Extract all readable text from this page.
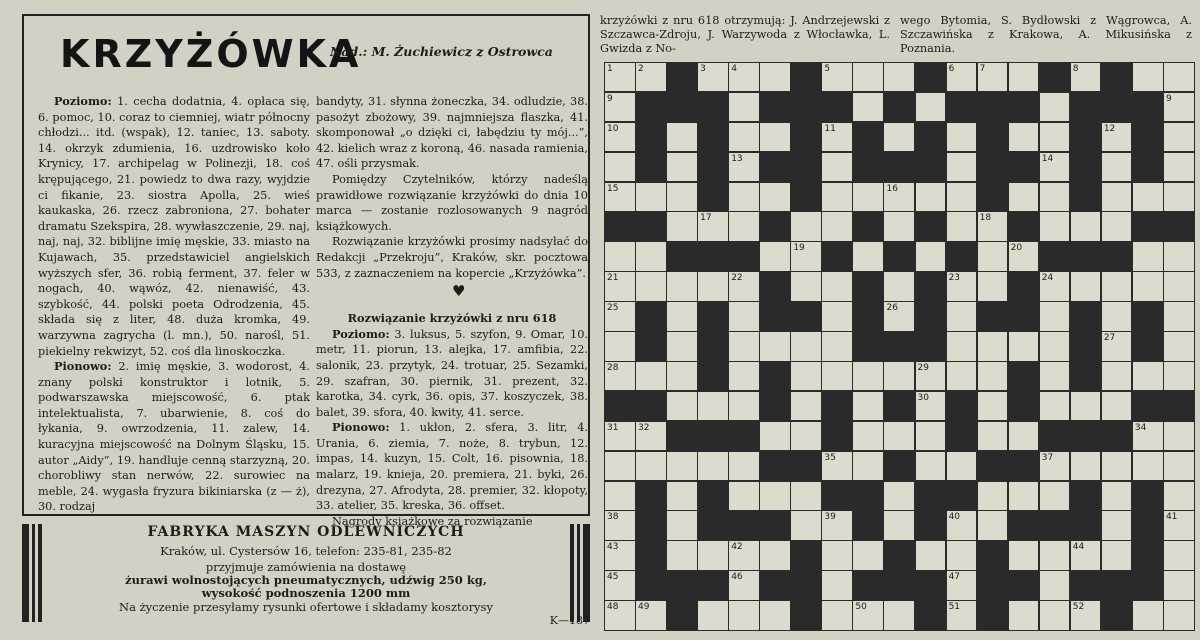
KRZYŻÓWKA
Nad.: M. Żuchiewicz z Ostrowca

Poziomo: 1. cecha dodatnia, 4. opłaca się, 6. pomoc, 10. coraz to ciemniej, wiatr północny chłodzi... itd. (wspak), 12. taniec, 13. saboty. 14. okrzyk zdumienia, 16. uzdrowisko koło Krynicy, 17. archipelag w Polinezji, 18. coś krępującego, 21. powiedz to dwa razy, wyjdzie ci fikanie, 23. siostra Apolla, 25. wieś kaukaska, 26. rzecz zabroniona, 27. bohater dramatu Szekspira, 28. wywłaszczenie, 29. naj, naj, naj, 32. biblijne imię męskie, 33. miasto na Kujawach, 35. przedstawiciel angielskich wyższych sfer, 36. robią ferment, 37. feler w nogach, 40. wąwóz, 42. nienawiść, 43. szybkość, 44. polski poeta Odrodzenia, 45. składa się z liter, 48. duża kromka, 49. warzywna zagrycha (l. mn.), 50. narośl, 51. piekielny rekwizyt, 52. coś dla linoskoczka.

Pionowo: 2. imię męskie, 3. wodorost, 4. znany polski konstruktor i lotnik, 5. podwarszawska miejscowość, 6. ptak intelektualista, 7. ubarwienie, 8. coś do łykania, 9. owrzodzenia, 11. zalew, 14. kuracyjna miejscowość na Dolnym Śląsku, 15. autor „Aidy”, 19. handluje cenną starzyzną, 20. chorobliwy stan nerwów, 22. surowiec na meble, 24. wygasła fryzura bikiniarska (z — ż), 30. rodzaj

bandyty, 31. słynna żoneczka, 34. odludzie, 38. pasożyt zbożowy, 39. najmniejsza flaszka, 41. skomponował „o dzięki ci, łabędziu ty mój...”, 42. kielich wraz z koroną, 46. nasada ramienia, 47. ośli przysmak.

Pomiędzy Czytelników, którzy nadeślą prawidłowe rozwiązanie krzyżówki do dnia 10 marca — zostanie rozlosowanych 9 nagród książkowych.

Rozwiązanie krzyżówki prosimy nadsyłać do Redakcji „Przekroju”, Kraków, skr. pocztowa 533, z zaznaczeniem na kopercie „Krzyżówka”.

Rozwiązanie krzyżówki z nru 618

Poziomo: 3. luksus, 5. szyfon, 9. Omar, 10. metr, 11. piorun, 13. alejka, 17. amfibia, 22. salonik, 23. przytyk, 24. trotuar, 25. Sezamki, 29. szafran, 30. piernik, 31. prezent, 32. karotka, 34. cyrk, 36. opis, 37. koszyczek, 38. balet, 39. sfora, 40. kwity, 41. serce.

Pionowo: 1. ukłon, 2. sfera, 3. litr, 4. Urania, 6. ziemia, 7. noże, 8. trybun, 12. impas, 14. kuzyn, 15. Colt, 16. pisownia, 18. malarz, 19. knieja, 20. premiera, 21. byki, 26. drezyna, 27. Afrodyta, 28. premier, 32. kłopoty, 33. atelier, 35. kreska, 36. offset.

Nagrody książkowe za rozwiązanie

♥
FABRYKA MASZYN ODLEWNICZYCH
Kraków, ul. Cystersów 16, telefon: 235-81, 235-82
przyjmuje zamówienia na dostawę
żurawi wolnostojących pneumatycznych, udźwig 250 kg,
wysokość podnoszenia 1200 mm
Na życzenie przesyłamy rysunki ofertowe i składamy kosztorysy
K—187
krzyżówki z nru 618 otrzymują: J. Andrzejewski z Szczawca-Zdroju, J. Warzywoda z Włocławka, L. Gwizda z No-
wego Bytomia, S. Bydłowski z Wągrowca, A. Szczawińska z Krakowa, A. Mikusińska z Poznania.
1	2	3	4	5	6	7	8
9	9
10	11	12
13	14
15	16
17	18
19	20
21	22	23	24
25	26
27
28	29
30
31 32	34
35	37
38	39	40	41
43	42	44
45	46	47
48 49	50	51	52
